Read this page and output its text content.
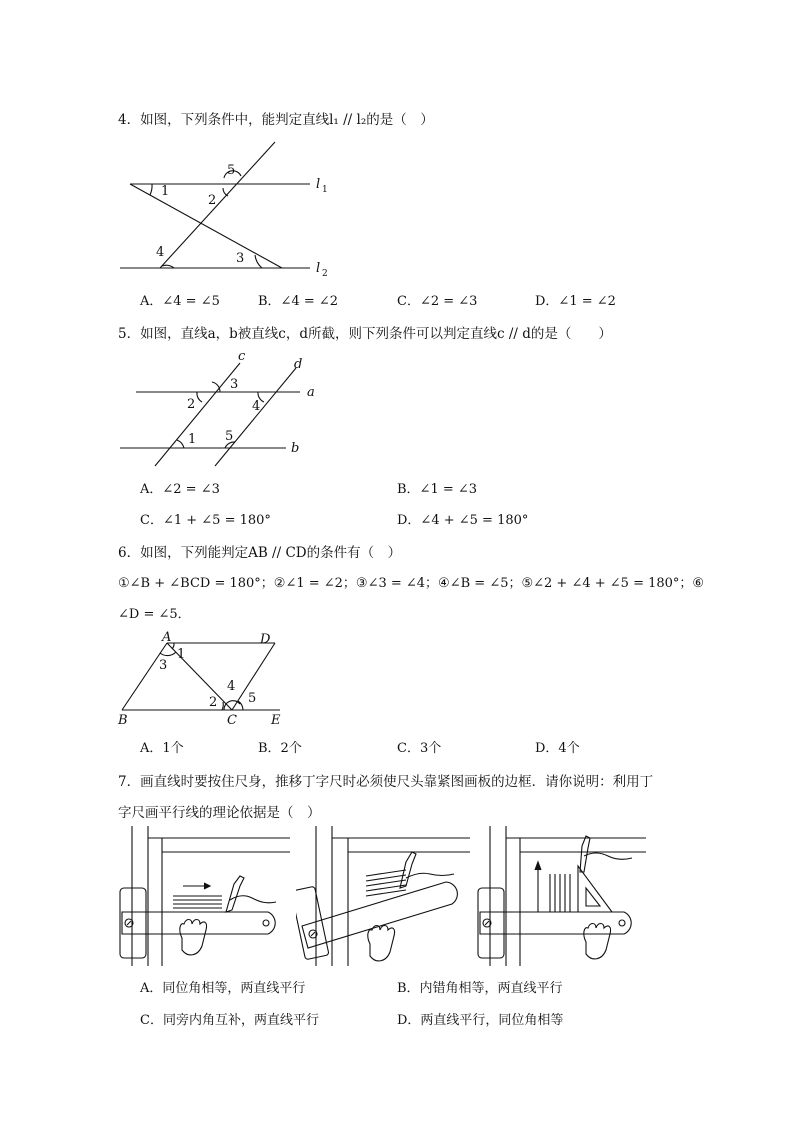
4．如图，下列条件中，能判定直线l₁ // l₂的是（　）
1
5
2
4	3
l 1
l 2
A．∠4 = ∠5	B．∠4 = ∠2	C．∠2 = ∠3	D．∠1 = ∠2
5．如图，直线a，b被直线c，d所截，则下列条件可以判定直线c // d的是（　　）
c
d
a
b
3
2	4
1 5
A．∠2 = ∠3	B．∠1 = ∠3
C．∠1 + ∠5 = 180°	D．∠4 + ∠5 = 180°
6．如图，下列能判定AB // CD的条件有（　）
①∠B + ∠BCD = 180°；②∠1 = ∠2；③∠3 = ∠4；④∠B = ∠5；⑤∠2 + ∠4 + ∠5 = 180°；⑥
∠D = ∠5．
A	D
B	C	E
1
3
2
4
5
A．1个	B．2个	C．3个	D．4个
7．画直线时要按住尺身，推移丁字尺时必须使尺头靠紧图画板的边框．请你说明：利用丁
字尺画平行线的理论依据是（　）
A．同位角相等，两直线平行	B．内错角相等，两直线平行
C．同旁内角互补，两直线平行	D．两直线平行，同位角相等
